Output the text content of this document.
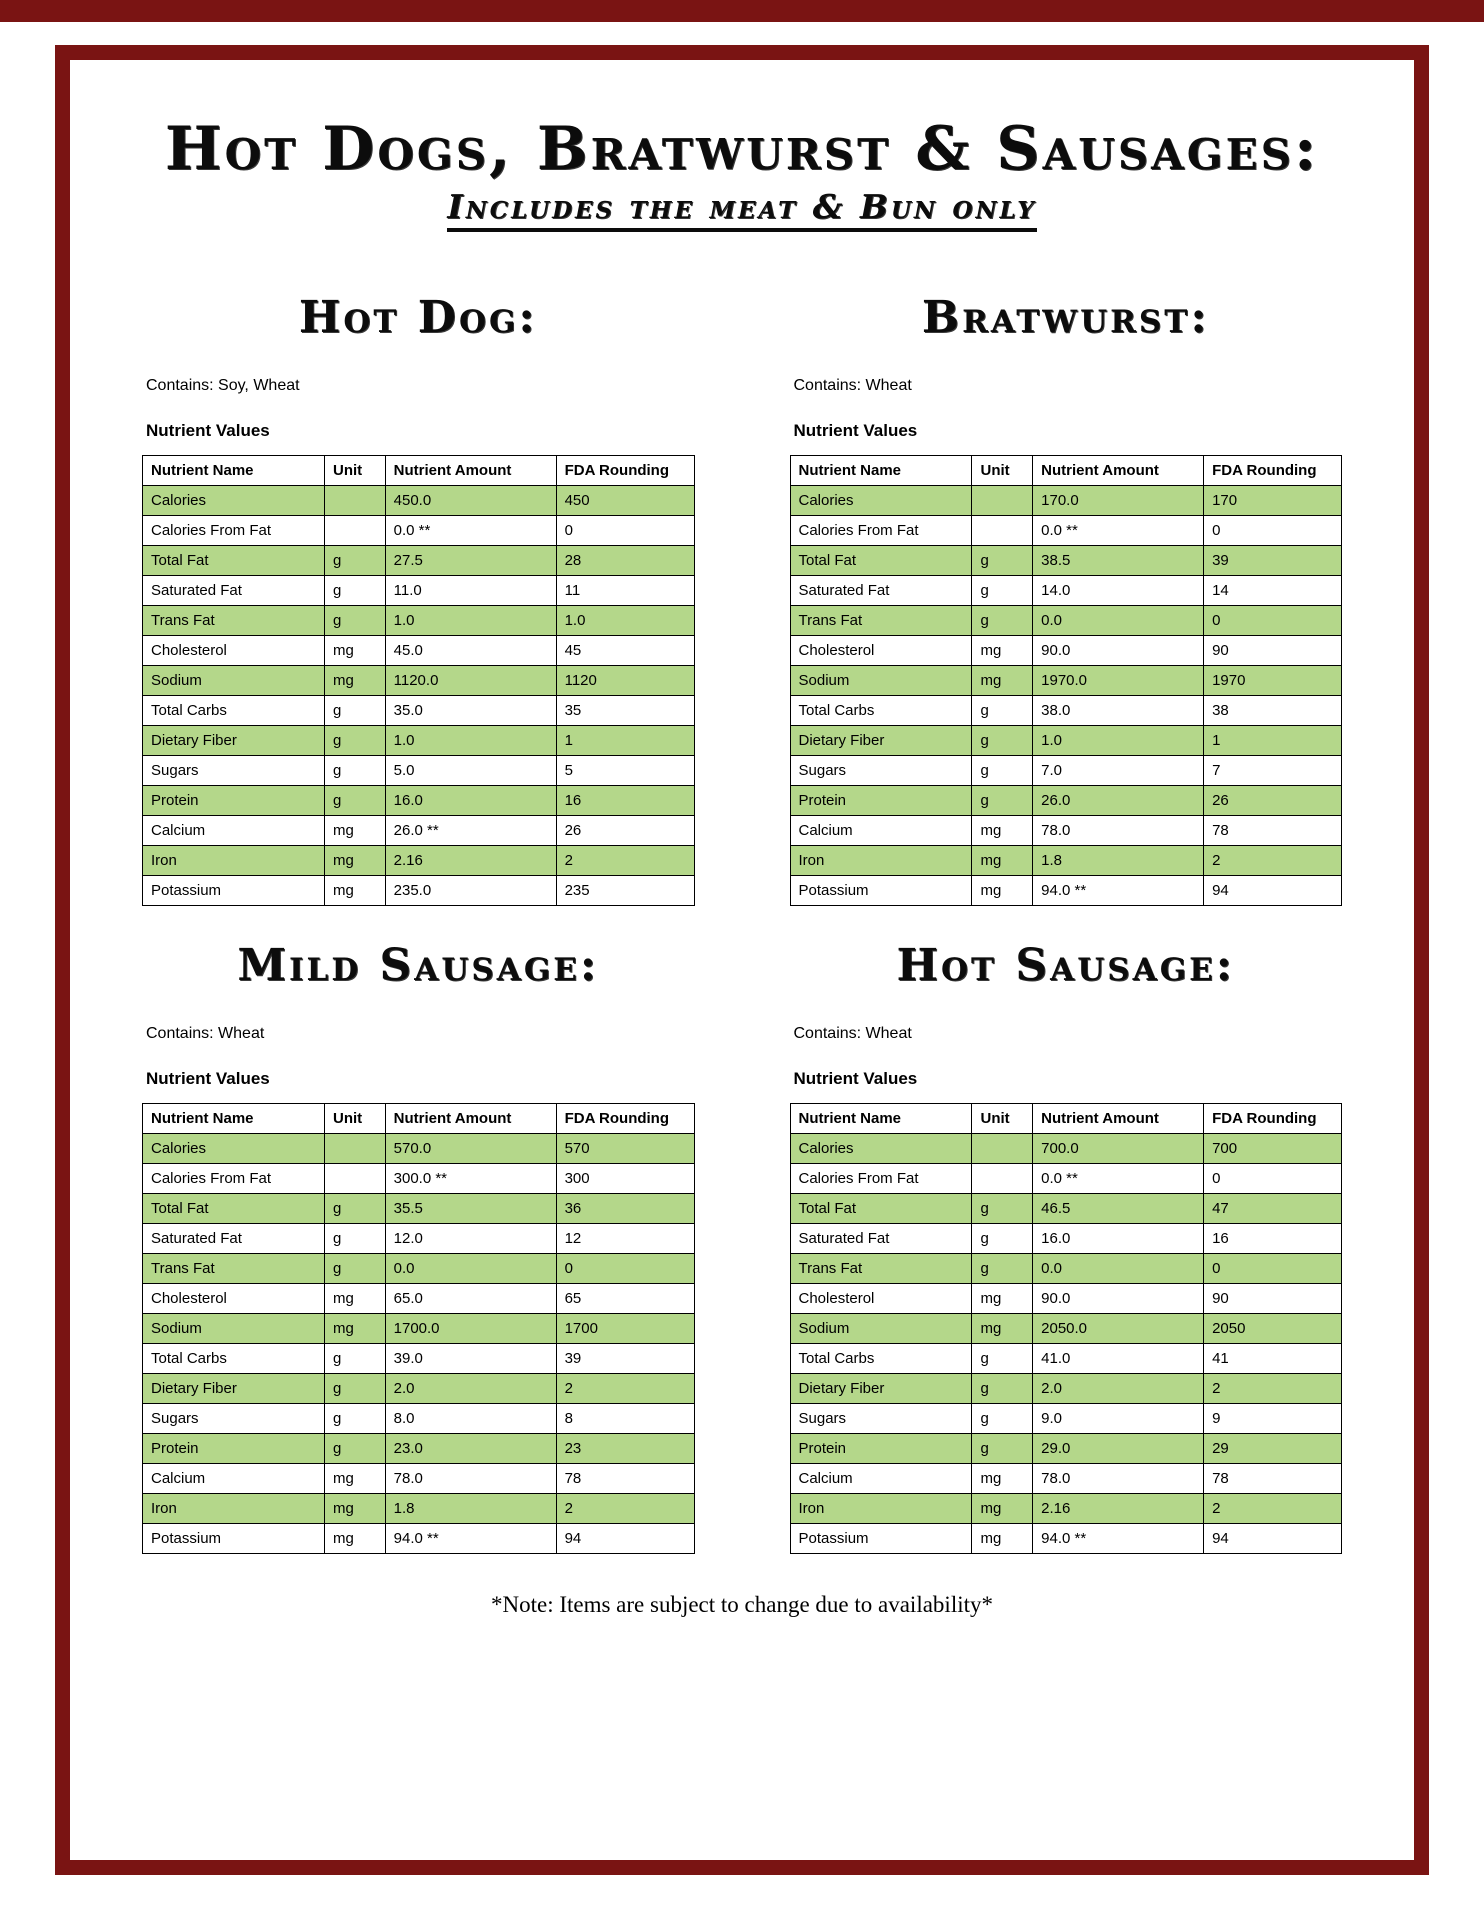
Hot Dogs, Bratwurst & Sausages:
Includes the meat & Bun only
Hot Dog:

Contains: Soy, Wheat

Nutrient Values

Nutrient Name	Unit	Nutrient Amount	FDA Rounding
Calories		450.0	450
Calories From Fat		0.0 **	0
Total Fat	g	27.5	28
Saturated Fat	g	11.0	11
Trans Fat	g	1.0	1.0
Cholesterol	mg	45.0	45
Sodium	mg	1120.0	1120
Total Carbs	g	35.0	35
Dietary Fiber	g	1.0	1
Sugars	g	5.0	5
Protein	g	16.0	16
Calcium	mg	26.0 **	26
Iron	mg	2.16	2
Potassium	mg	235.0	235
Bratwurst:

Contains: Wheat

Nutrient Values

Nutrient Name	Unit	Nutrient Amount	FDA Rounding
Calories		170.0	170
Calories From Fat		0.0 **	0
Total Fat	g	38.5	39
Saturated Fat	g	14.0	14
Trans Fat	g	0.0	0
Cholesterol	mg	90.0	90
Sodium	mg	1970.0	1970
Total Carbs	g	38.0	38
Dietary Fiber	g	1.0	1
Sugars	g	7.0	7
Protein	g	26.0	26
Calcium	mg	78.0	78
Iron	mg	1.8	2
Potassium	mg	94.0 **	94
Mild Sausage:

Contains: Wheat

Nutrient Values

Nutrient Name	Unit	Nutrient Amount	FDA Rounding
Calories		570.0	570
Calories From Fat		300.0 **	300
Total Fat	g	35.5	36
Saturated Fat	g	12.0	12
Trans Fat	g	0.0	0
Cholesterol	mg	65.0	65
Sodium	mg	1700.0	1700
Total Carbs	g	39.0	39
Dietary Fiber	g	2.0	2
Sugars	g	8.0	8
Protein	g	23.0	23
Calcium	mg	78.0	78
Iron	mg	1.8	2
Potassium	mg	94.0 **	94
Hot Sausage:

Contains: Wheat

Nutrient Values

Nutrient Name	Unit	Nutrient Amount	FDA Rounding
Calories		700.0	700
Calories From Fat		0.0 **	0
Total Fat	g	46.5	47
Saturated Fat	g	16.0	16
Trans Fat	g	0.0	0
Cholesterol	mg	90.0	90
Sodium	mg	2050.0	2050
Total Carbs	g	41.0	41
Dietary Fiber	g	2.0	2
Sugars	g	9.0	9
Protein	g	29.0	29
Calcium	mg	78.0	78
Iron	mg	2.16	2
Potassium	mg	94.0 **	94

*Note: Items are subject to change due to availability*
